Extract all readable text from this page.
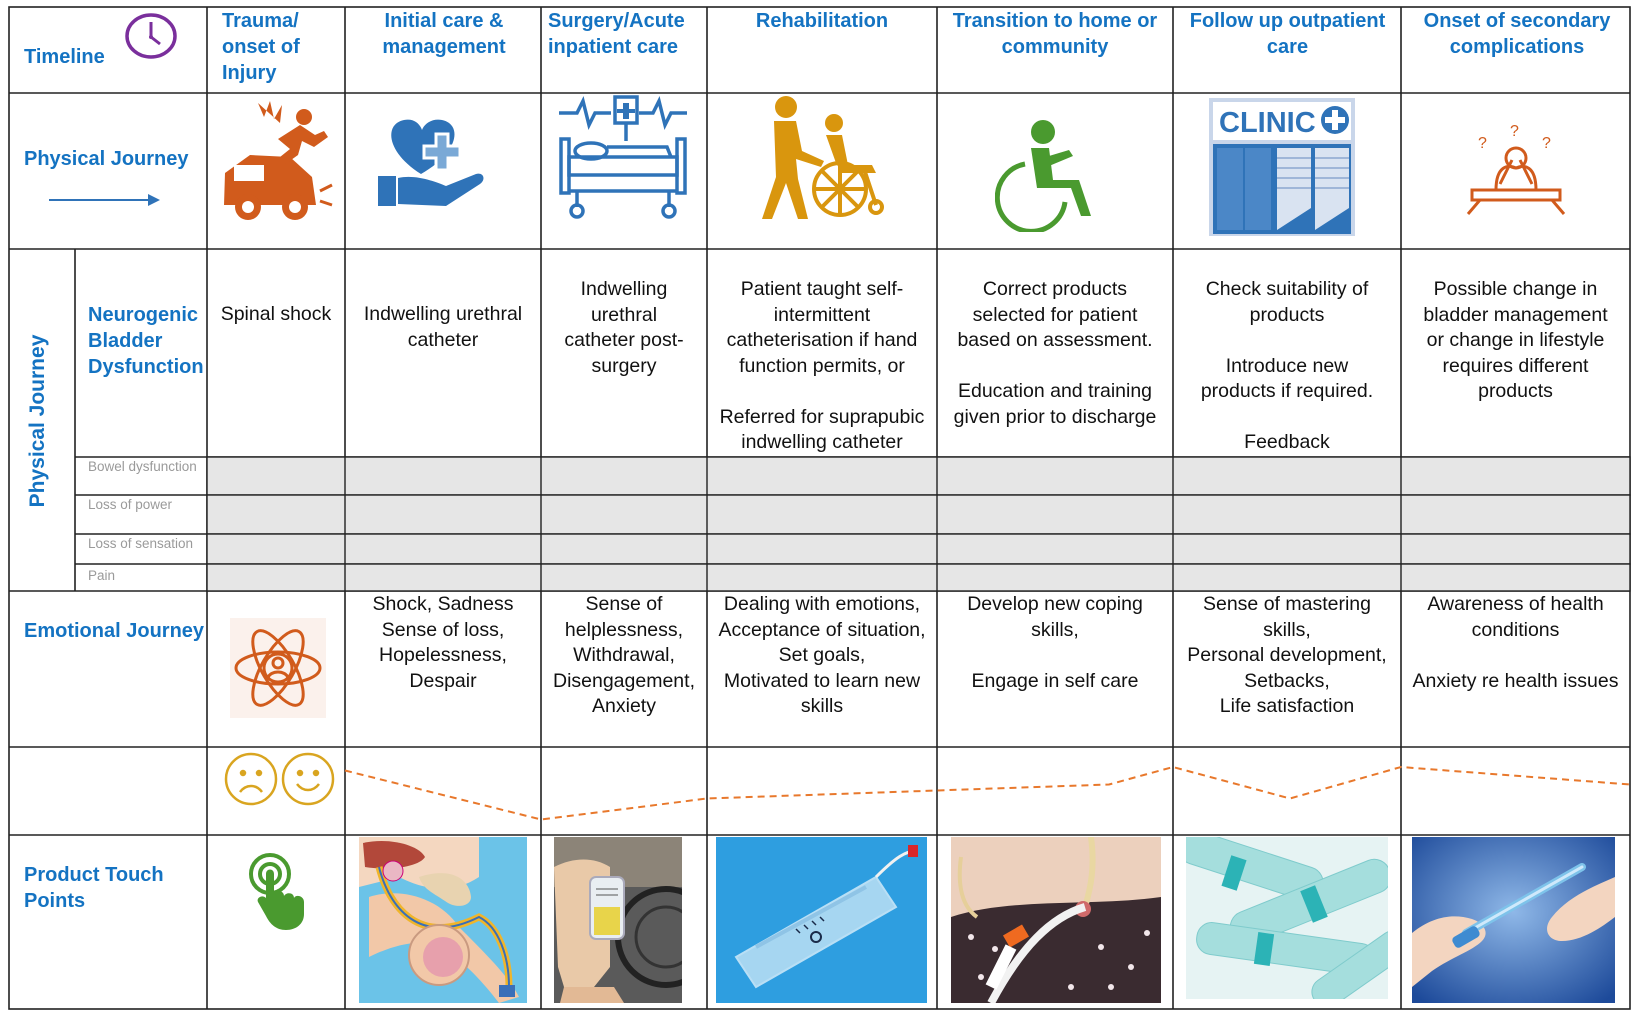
Timeline
Physical Journey
Physical Journey
Neurogenic Bladder Dysfunction
Bowel dysfunction
Loss of power
Loss of sensation
Pain
Emotional Journey
Product Touch Points
Trauma/ onset of Injury
Initial care & management
Surgery/Acute inpatient care
Rehabilitation	Transition to home or community
Follow up outpatient care
Onset of secondary complications
CLINIC
?
?
?
Spinal shock	Indwelling urethral catheter
Indwelling
urethral
catheter post-
surgery
Patient taught self-
intermittent
catheterisation if hand
function permits, or

Referred for suprapubic
indwelling catheter
Correct products
selected for patient
based on assessment.

Education and training
given prior to discharge
Check suitability of
products

Introduce new
products if required.

Feedback
Possible change in
bladder management
or change in lifestyle
requires different
products
Shock, Sadness
Sense of loss,
Hopelessness,
Despair
Sense of
helplessness,
Withdrawal,
Disengagement,
Anxiety
Dealing with emotions,
Acceptance of situation,
Set goals,
Motivated to learn new
skills
Develop new coping
skills,

Engage in self care
Sense of mastering
skills,
Personal development,
Setbacks,
Life satisfaction
Awareness of health
conditions

Anxiety re health issues
